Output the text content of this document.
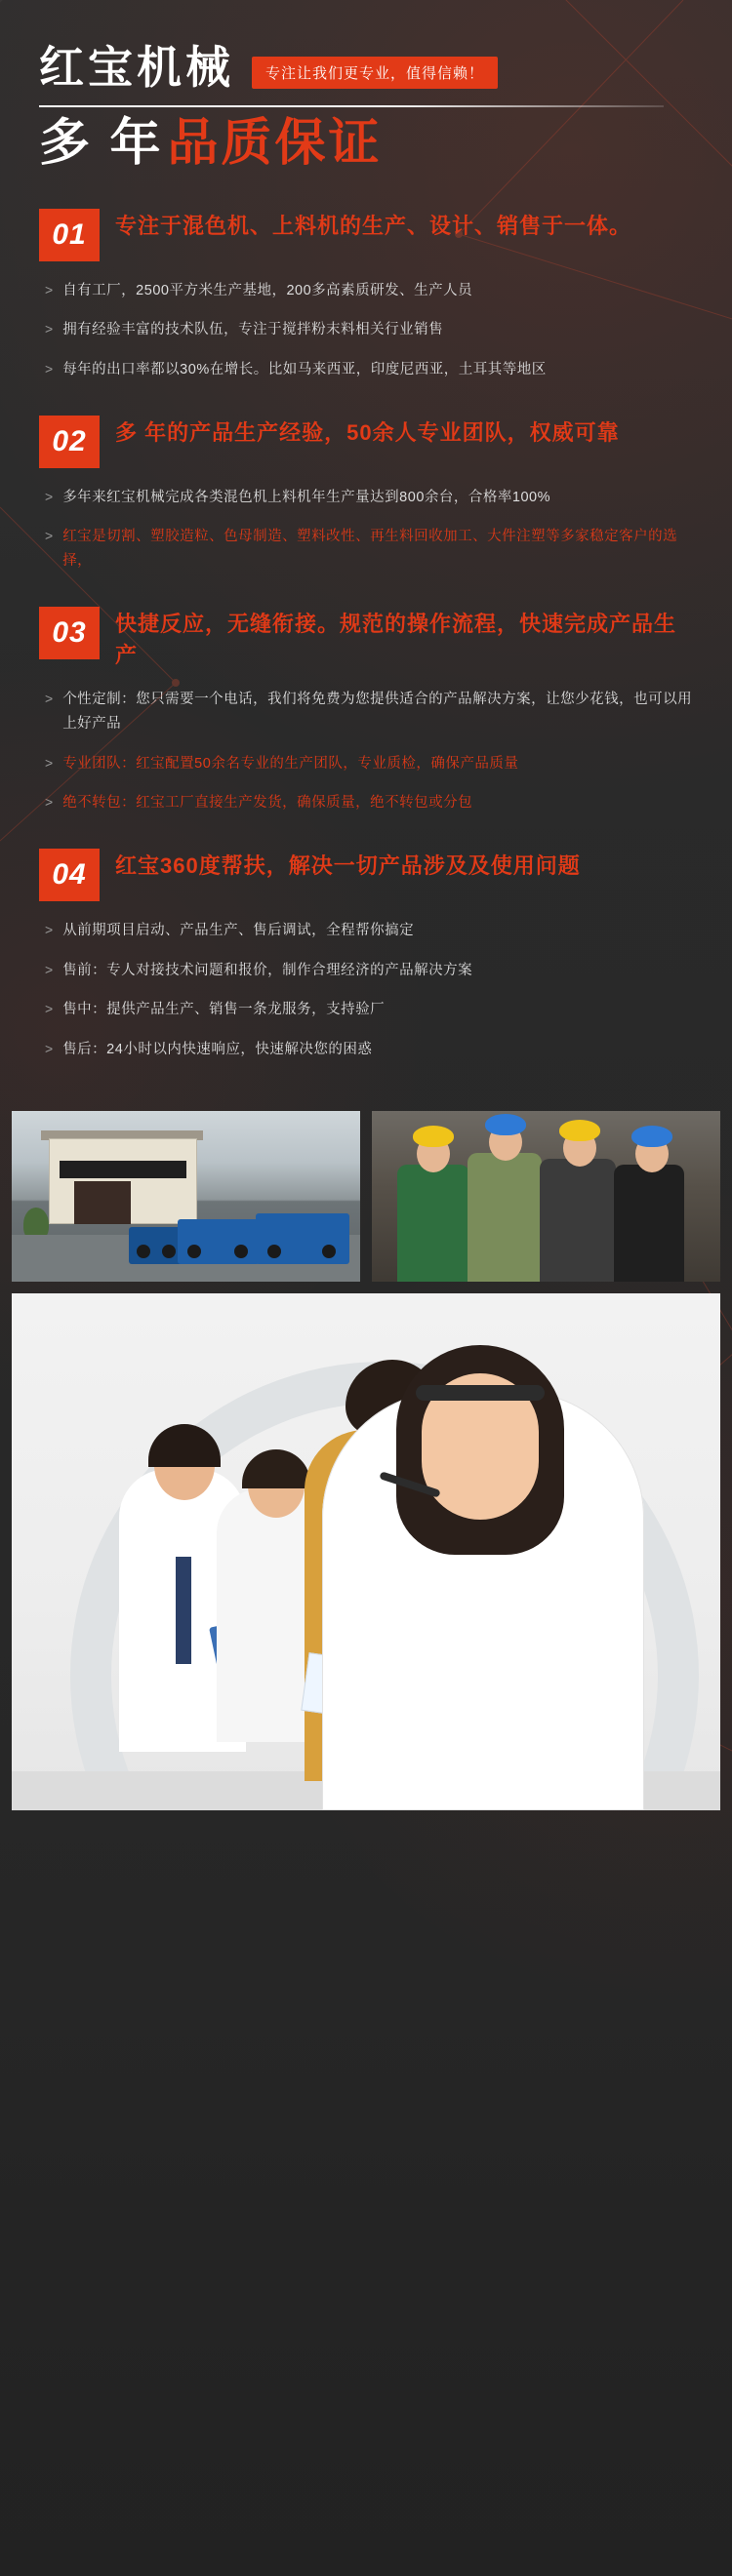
红宝机械	专注让我们更专业，值得信赖！
多 年 品质保证
01	专注于混色机、上料机的生产、设计、销售于一体。
> 自有工厂，2500平方米生产基地，200多高素质研发、生产人员
> 拥有经验丰富的技术队伍，专注于搅拌粉末料相关行业销售
> 每年的出口率都以30%在增长。比如马来西亚，印度尼西亚，土耳其等地区
02	多 年的产品生产经验，50余人专业团队，权威可靠
> 多年来红宝机械完成各类混色机上料机年生产量达到800余台，合格率100%
> 红宝是切割、塑胶造粒、色母制造、塑料改性、再生料回收加工、大件注塑等多家稳定客户的选择，
03	快捷反应，无缝衔接。规范的操作流程，快速完成产品生产
> 个性定制：您只需要一个电话，我们将免费为您提供适合的产品解决方案，让您少花钱，也可以用上好产品
> 专业团队：红宝配置50余名专业的生产团队，专业质检，确保产品质量
> 绝不转包：红宝工厂直接生产发货，确保质量，绝不转包或分包
04	红宝360度帮扶，解决一切产品涉及及使用问题
> 从前期项目启动、产品生产、售后调试，全程帮你搞定
> 售前：专人对接技术问题和报价，制作合理经济的产品解决方案
> 售中：提供产品生产、销售一条龙服务，支持验厂
> 售后：24小时以内快速响应，快速解决您的困惑
